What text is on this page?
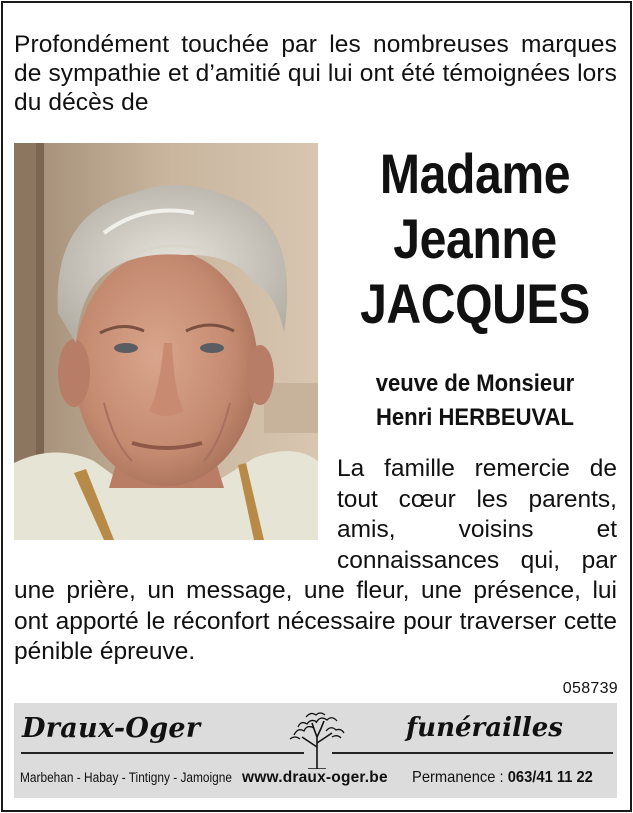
Profondément touchée par les nombreuses marques de sympathie et d’amitié qui lui ont été témoignées lors du décès de

Madame
Jeanne
JACQUES
veuve de Monsieur
Henri HERBEUVAL

La famille remercie de tout cœur les parents, amis, voisins et connaissances qui, par une prière, un message, une fleur, une présence, lui ont apporté le réconfort nécessaire pour traverser cette pénible épreuve.

058739
Draux-Oger	funérailles
Marbehan - Habay - Tintigny - Jamoigne www.draux-oger.be Permanence : 063/41 11 22
